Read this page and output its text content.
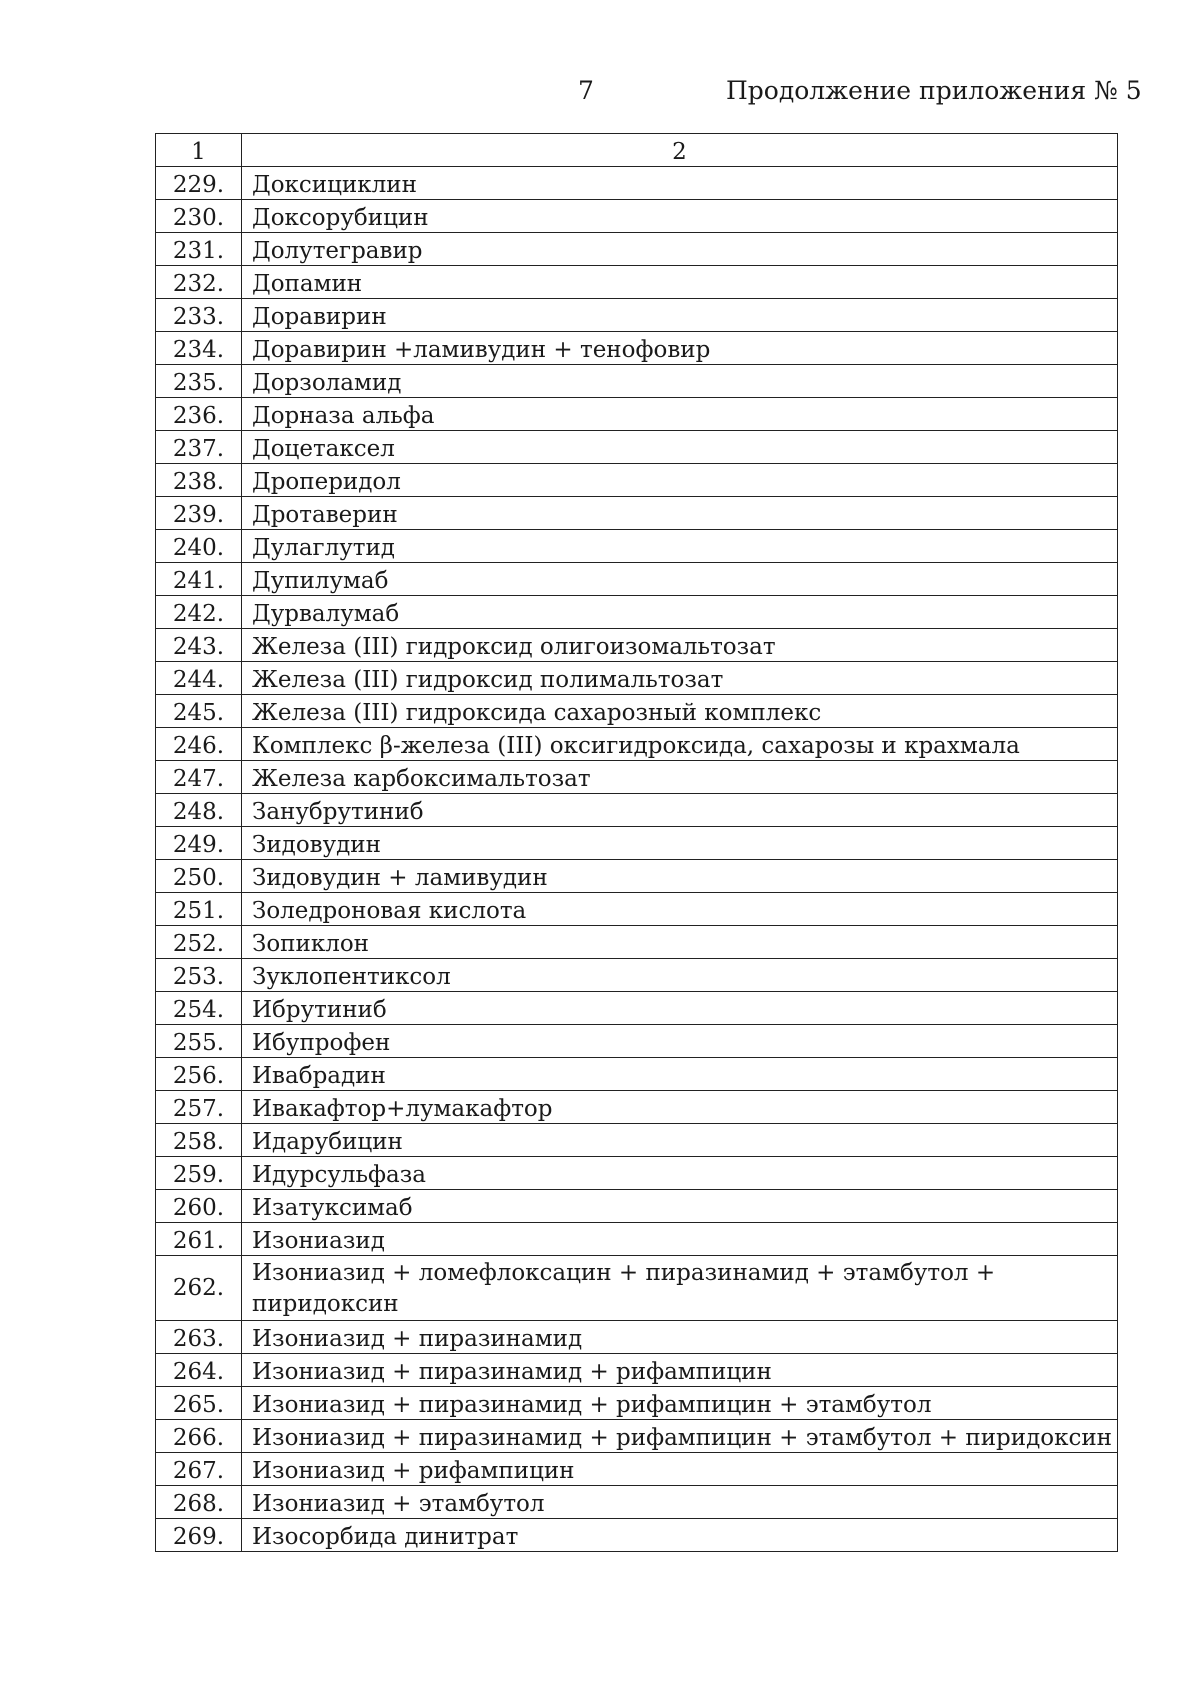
7	Продолжение приложения № 5
1	2
229.	Доксициклин
230.	Доксорубицин
231.	Долутегравир
232.	Допамин
233.	Доравирин
234.	Доравирин +ламивудин + тенофовир
235.	Дорзоламид
236.	Дорназа альфа
237.	Доцетаксел
238.	Дроперидол
239.	Дротаверин
240.	Дулаглутид
241.	Дупилумаб
242.	Дурвалумаб
243.	Железа (III) гидроксид олигоизомальтозат
244.	Железа (III) гидроксид полимальтозат
245.	Железа (III) гидроксида сахарозный комплекс
246.	Комплекс β-железа (III) оксигидроксида, сахарозы и крахмала
247.	Железа карбоксимальтозат
248.	Занубрутиниб
249.	Зидовудин
250.	Зидовудин + ламивудин
251.	Золедроновая кислота
252.	Зопиклон
253.	Зуклопентиксол
254.	Ибрутиниб
255.	Ибупрофен
256.	Ивабрадин
257.	Ивакафтор+лумакафтор
258.	Идарубицин
259.	Идурсульфаза
260.	Изатуксимаб
261.	Изониазид
262.	Изониазид + ломефлоксацин + пиразинамид + этамбутол + пиридоксин
263.	Изониазид + пиразинамид
264.	Изониазид + пиразинамид + рифампицин
265.	Изониазид + пиразинамид + рифампицин + этамбутол
266.	Изониазид + пиразинамид + рифампицин + этамбутол + пиридоксин
267.	Изониазид + рифампицин
268.	Изониазид + этамбутол
269.	Изосорбида динитрат
